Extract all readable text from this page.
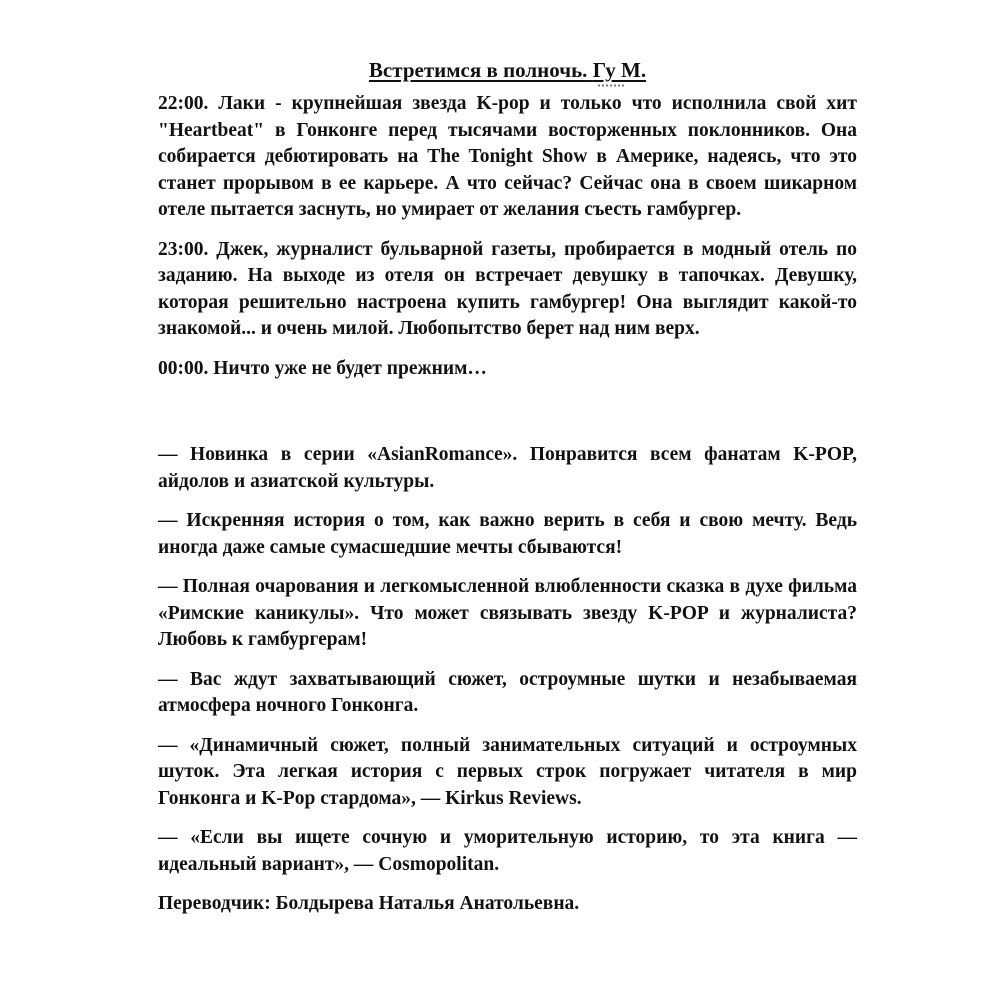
Встретимся в полночь. Гу М.

22:00. Лаки - крупнейшая звезда K-pop и только что исполнила свой хит "Heartbeat" в Гонконге перед тысячами восторженных поклонников. Она собирается дебютировать на The Tonight Show в Америке, надеясь, что это станет прорывом в ее карьере. А что сейчас? Сейчас она в своем шикарном отеле пытается заснуть, но умирает от желания съесть гамбургер.

23:00. Джек, журналист бульварной газеты, пробирается в модный отель по заданию. На выходе из отеля он встречает девушку в тапочках. Девушку, которая решительно настроена купить гамбургер! Она выглядит какой-то знакомой... и очень милой. Любопытство берет над ним верх.

00:00. Ничто уже не будет прежним…

— Новинка в серии «AsianRomance». Понравится всем фанатам K-POP, айдолов и азиатской культуры.

— Искренняя история о том, как важно верить в себя и свою мечту. Ведь иногда даже самые сумасшедшие мечты сбываются!

— Полная очарования и легкомысленной влюбленности сказка в духе фильма «Римские каникулы». Что может связывать звезду K-POP и журналиста? Любовь к гамбургерам!

— Вас ждут захватывающий сюжет, остроумные шутки и незабываемая атмосфера ночного Гонконга.

— «Динамичный сюжет, полный занимательных ситуаций и остроумных шуток. Эта легкая история с первых строк погружает читателя в мир Гонконга и K-Pop стардома», — Kirkus Reviews.

— «Если вы ищете сочную и уморительную историю, то эта книга — идеальный вариант», — Cosmopolitan.

Переводчик: Болдырева Наталья Анатольевна.
